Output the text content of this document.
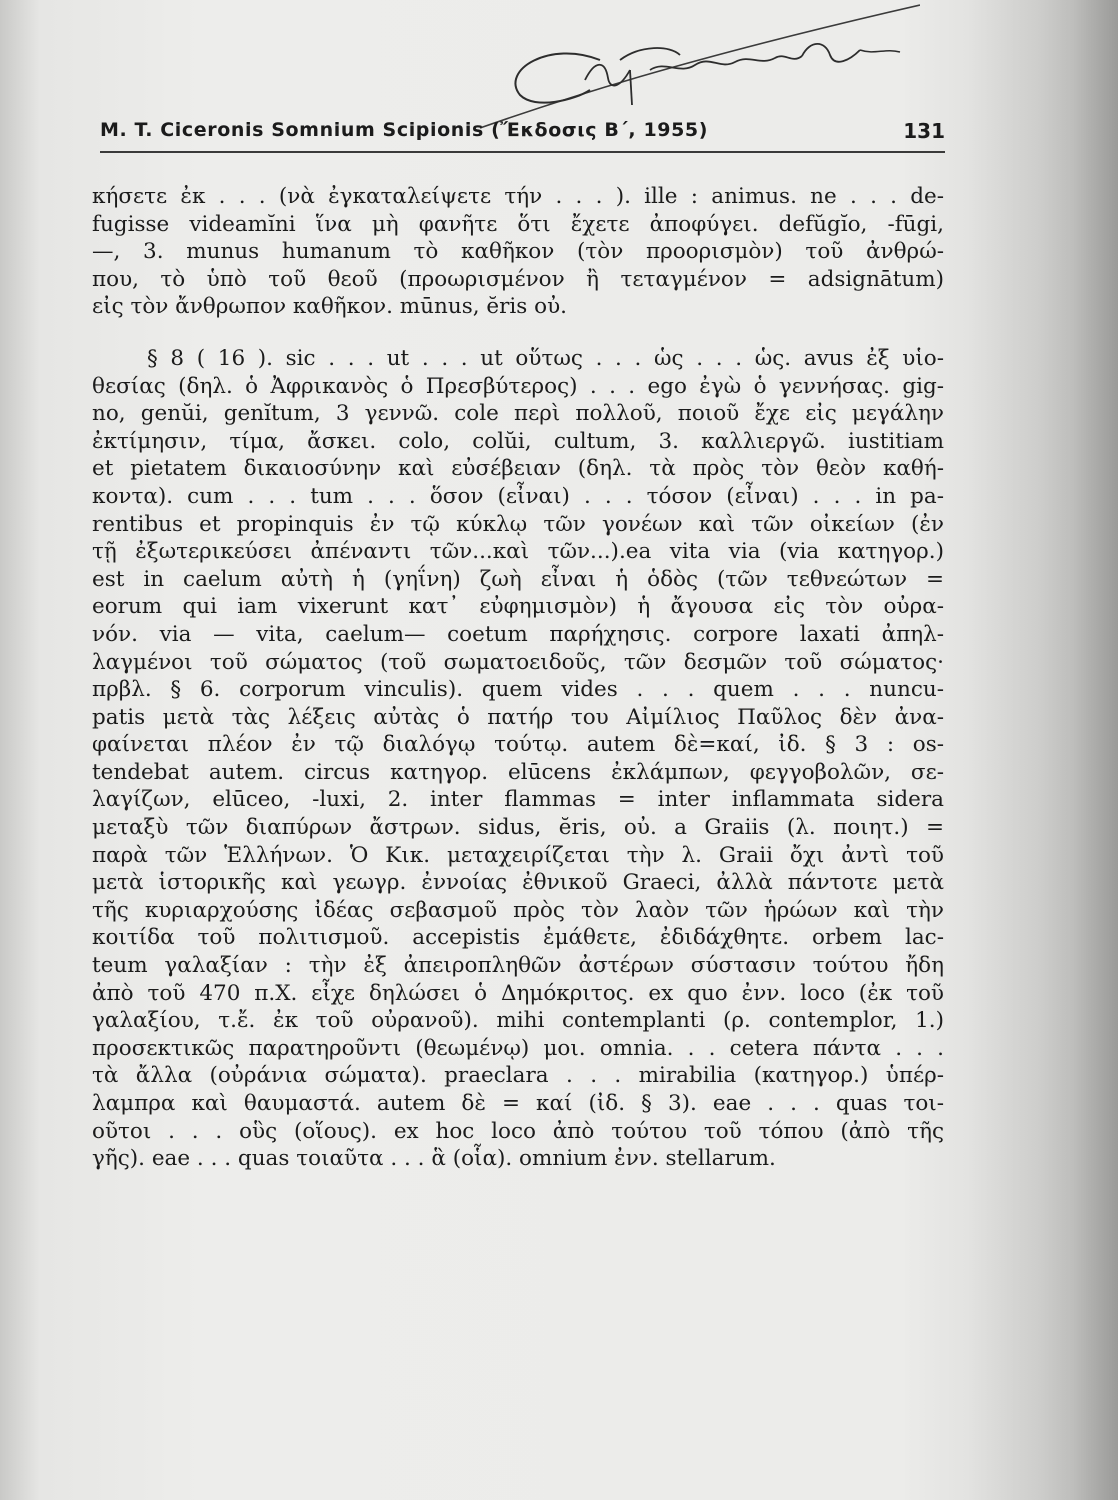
M. T. Ciceronis Somnium Scipionis (Ἔκδοσις Β΄, 1955)	131
κήσετε ἐκ . . . (νὰ ἐγκαταλείψετε τήν . . . ). ille : animus. ne . . . de-
fugisse videamĭni ἵνα μὴ φανῆτε ὅτι ἔχετε ἀποφύγει. defŭgĭo, -fūgi,
—, 3. munus humanum τὸ καθῆκον (τὸν προορισμὸν) τοῦ ἀνθρώ-
που, τὸ ὑπὸ τοῦ θεοῦ (προωρισμένον ἢ τεταγμένον = adsignātum)
εἰς τὸν ἄνθρωπον καθῆκον. mūnus, ĕris οὐ.
§ 8 ( 16 ). sic . . . ut . . . ut οὕτως . . . ὡς . . . ὡς. avus ἐξ υἱο-
θεσίας (δηλ. ὁ Ἀφρικανὸς ὁ Πρεσβύτερος) . . . ego ἐγὼ ὁ γεννήσας. gig-
no, genŭi, genĭtum, 3 γεννῶ. cole περὶ πολλοῦ, ποιοῦ ἔχε εἰς μεγάλην
ἐκτίμησιν, τίμα, ἄσκει. colo, colŭi, cultum, 3. καλλιεργῶ. iustitiam
et pietatem δικαιοσύνην καὶ εὐσέβειαν (δηλ. τὰ πρὸς τὸν θεὸν καθή-
κοντα). cum . . . tum . . . ὅσον (εἶναι) . . . τόσον (εἶναι) . . . in pa-
rentibus et propinquis ἐν τῷ κύκλῳ τῶν γονέων καὶ τῶν οἰκείων (ἐν
τῇ ἐξωτερικεύσει ἀπέναντι τῶν...καὶ τῶν...).ea vita via (via κατηγορ.)
est in caelum αὐτὴ ἡ (γηΐνη) ζωὴ εἶναι ἡ ὁδὸς (τῶν τεθνεώτων =
eorum qui iam vixerunt κατ᾽ εὐφημισμὸν) ἡ ἄγουσα εἰς τὸν οὐρα-
νόν. via — vita, caelum— coetum παρήχησις. corpore laxati ἀπηλ-
λαγμένοι τοῦ σώματος (τοῦ σωματοειδοῦς, τῶν δεσμῶν τοῦ σώματος·
πρβλ. § 6. corporum vinculis). quem vides . . . quem . . . nuncu-
patis μετὰ τὰς λέξεις αὐτὰς ὁ πατήρ του Αἰμίλιος Παῦλος δὲν ἀνα-
φαίνεται πλέον ἐν τῷ διαλόγῳ τούτῳ. autem δὲ=καί, ἰδ. § 3 : os-
tendebat autem. circus κατηγορ. elūcens ἐκλάμπων, φεγγοβολῶν, σε-
λαγίζων, elūceo, -luxi, 2. inter flammas = inter inflammata sidera
μεταξὺ τῶν διαπύρων ἄστρων. sidus, ĕris, οὐ. a Graiis (λ. ποιητ.) =
παρὰ τῶν Ἑλλήνων. Ὁ Κικ. μεταχειρίζεται τὴν λ. Graii ὄχι ἀντὶ τοῦ
μετὰ ἱστορικῆς καὶ γεωγρ. ἐννοίας ἐθνικοῦ Graeci, ἀλλὰ πάντοτε μετὰ
τῆς κυριαρχούσης ἰδέας σεβασμοῦ πρὸς τὸν λαὸν τῶν ἡρώων καὶ τὴν
κοιτίδα τοῦ πολιτισμοῦ. accepistis ἐμάθετε, ἐδιδάχθητε. orbem lac-
teum γαλαξίαν : τὴν ἐξ ἀπειροπληθῶν ἀστέρων σύστασιν τούτου ἤδη
ἀπὸ τοῦ 470 π.Χ. εἶχε δηλώσει ὁ Δημόκριτος. ex quo ἐνν. loco (ἐκ τοῦ
γαλαξίου, τ.ἔ. ἐκ τοῦ οὐρανοῦ). mihi contemplanti (ρ. contemplor, 1.)
προσεκτικῶς παρατηροῦντι (θεωμένῳ) μοι. omnia. . . cetera πάντα . . .
τὰ ἄλλα (οὐράνια σώματα). praeclara . . . mirabilia (κατηγορ.) ὑπέρ-
λαμπρα καὶ θαυμαστά. autem δὲ = καί (ἰδ. § 3). eae . . . quas τοι-
οῦτοι . . . οὓς (οἵους). ex hoc loco ἀπὸ τούτου τοῦ τόπου (ἀπὸ τῆς
γῆς). eae . . . quas τοιαῦτα . . . ἃ (οἷα). omnium ἐνν. stellarum.
